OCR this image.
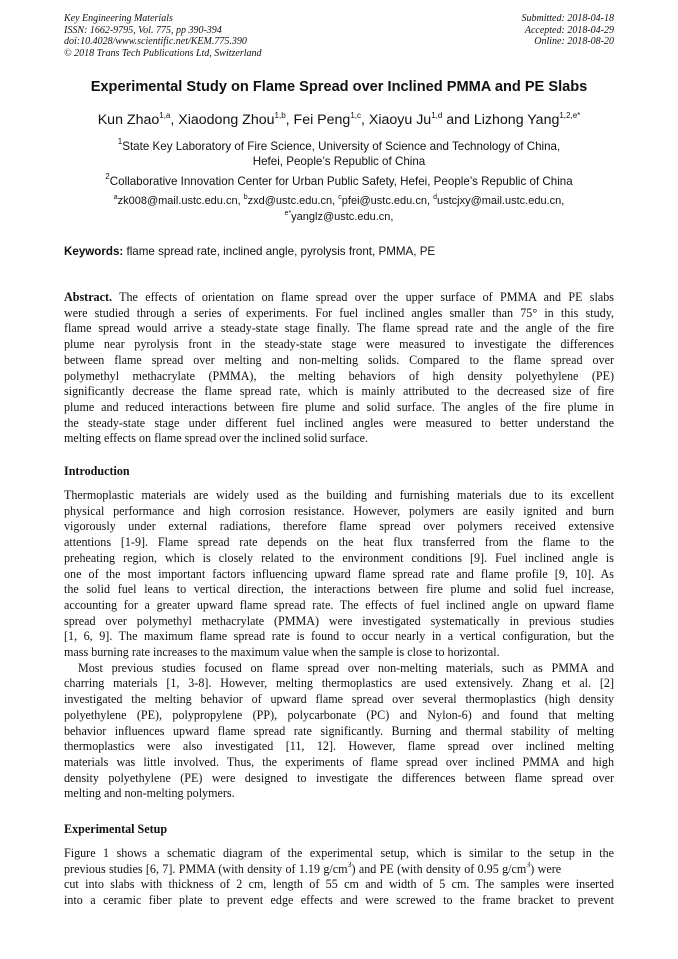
Key Engineering Materials
ISSN: 1662-9795, Vol. 775, pp 390-394
doi:10.4028/www.scientific.net/KEM.775.390
© 2018 Trans Tech Publications Ltd, Switzerland
Submitted: 2018-04-18
Accepted: 2018-04-29
Online: 2018-08-20
Experimental Study on Flame Spread over Inclined PMMA and PE Slabs
Kun Zhao$^{1,a}$, Xiaodong Zhou$^{1,b}$, Fei Peng$^{1,c}$, Xiaoyu Ju$^{1,d}$ and Lizhong Yang$^{1,2,e*}$
$^1$State Key Laboratory of Fire Science, University of Science and Technology of China,
Hefei, People’s Republic of China
$^2$Collaborative Innovation Center for Urban Public Safety, Hefei, People’s Republic of China
$^a$zk008@mail.ustc.edu.cn, $^b$zxd@ustc.edu.cn, $^c$pfei@ustc.edu.cn, $^d$ustcjxy@mail.ustc.edu.cn,
$^{e*}$yanglz@ustc.edu.cn,
Keywords: flame spread rate, inclined angle, pyrolysis front, PMMA, PE
Abstract. The effects of orientation on flame spread over the upper surface of PMMA and PE slabs
were studied through a series of experiments. For fuel inclined angles smaller than 75° in this study,
flame spread would arrive a steady-state stage finally. The flame spread rate and the angle of the fire
plume near pyrolysis front in the steady-state stage were measured to investigate the differences
between flame spread over melting and non-melting solids. Compared to the flame spread over
polymethyl methacrylate (PMMA), the melting behaviors of high density polyethylene (PE)
significantly decrease the flame spread rate, which is mainly attributed to the decreased size of fire
plume and reduced interactions between fire plume and solid surface. The angles of the fire plume in
the steady-state stage under different fuel inclined angles were measured to better understand the
melting effects on flame spread over the inclined solid surface.
Introduction
Thermoplastic materials are widely used as the building and furnishing materials due to its excellent
physical performance and high corrosion resistance. However, polymers are easily ignited and burn
vigorously under external radiations, therefore flame spread over polymers received extensive
attentions [1-9]. Flame spread rate depends on the heat flux transferred from the flame to the
preheating region, which is closely related to the environment conditions [9]. Fuel inclined angle is
one of the most important factors influencing upward flame spread rate and flame profile [9, 10]. As
the solid fuel leans to vertical direction, the interactions between fire plume and solid fuel increase,
accounting for a greater upward flame spread rate. The effects of fuel inclined angle on upward flame
spread over polymethyl methacrylate (PMMA) were investigated systematically in previous studies
[1, 6, 9]. The maximum flame spread rate is found to occur nearly in a vertical configuration, but the
mass burning rate increases to the maximum value when the sample is close to horizontal.
Most previous studies focused on flame spread over non-melting materials, such as PMMA and
charring materials [1, 3-8]. However, melting thermoplastics are used extensively. Zhang et al. [2]
investigated the melting behavior of upward flame spread over several thermoplastics (high density
polyethylene (PE), polypropylene (PP), polycarbonate (PC) and Nylon-6) and found that melting
behavior influences upward flame spread rate significantly. Burning and thermal stability of melting
thermoplastics were also investigated [11, 12]. However, flame spread over inclined melting
materials was little involved. Thus, the experiments of flame spread over inclined PMMA and high
density polyethylene (PE) were designed to investigate the differences between flame spread over
melting and non-melting polymers.
Experimental Setup
Figure 1 shows a schematic diagram of the experimental setup, which is similar to the setup in the
previous studies [6, 7]. PMMA (with density of 1.19 $g/cm^3$) and PE (with density of 0.95 $g/cm^3$) were
cut into slabs with thickness of 2 cm, length of 55 cm and width of 5 cm. The samples were inserted
into a ceramic fiber plate to prevent edge effects and were screwed to the frame bracket to prevent
